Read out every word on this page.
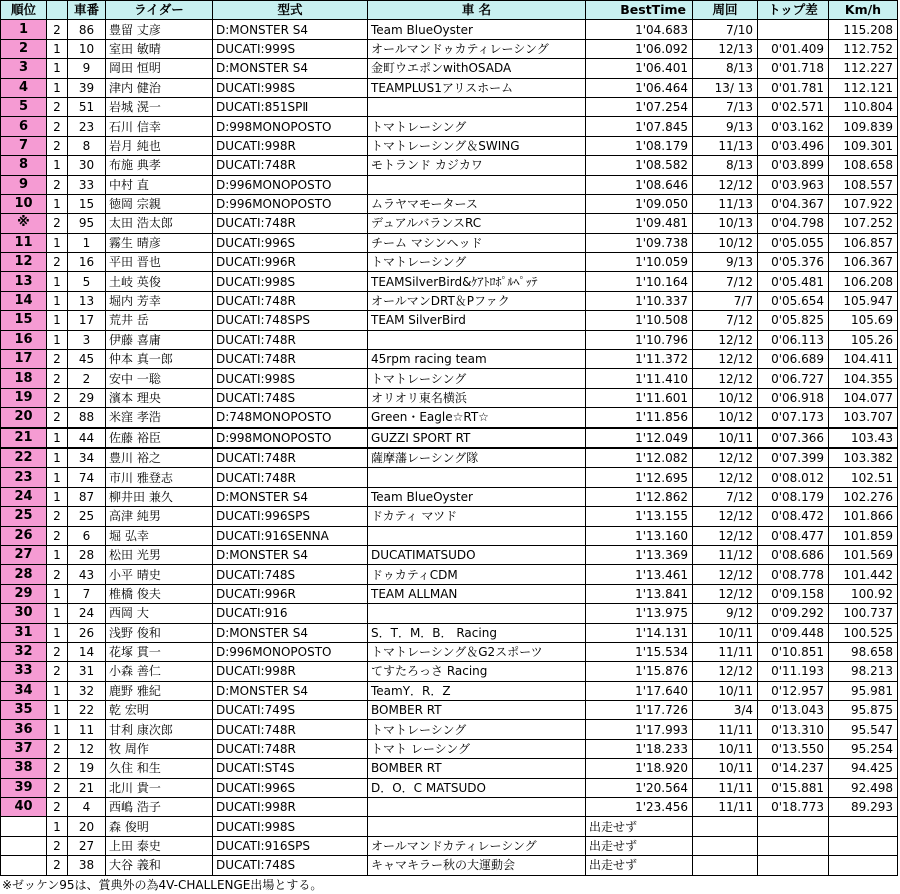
順位		車番	ライダー	型式	車 名	BestTime	周回	トップ差	Km/h
1	2	86	豊留 丈彦	D:MONSTER S4	Team BlueOyster	1'04.683	7/10		115.208
2	1	10	室田 敏晴	DUCATI:999S	オールマンドゥカティレーシング	1'06.092	12/13	0'01.409	112.752
3	1	9	岡田 恒明	D:MONSTER S4	金町ウエポンwithOSADA	1'06.401	8/13	0'01.718	112.227
4	1	39	津内 健治	DUCATI:998S	TEAMPLUS1アリスホーム	1'06.464	13/ 13	0'01.781	112.121
5	2	51	岩城 滉一	DUCATI:851SPⅡ		1'07.254	7/13	0'02.571	110.804
6	2	23	石川 信幸	D:998MONOPOSTO	トマトレーシング	1'07.845	9/13	0'03.162	109.839
7	2	8	岩月 純也	DUCATI:998R	トマトレーシング＆SWING	1'08.179	11/13	0'03.496	109.301
8	1	30	布施 典孝	DUCATI:748R	モトランド カジカワ	1'08.582	8/13	0'03.899	108.658
9	2	33	中村 直	D:996MONOPOSTO		1'08.646	12/12	0'03.963	108.557
10	1	15	徳岡 宗親	D:996MONOPOSTO	ムラヤマモータース	1'09.050	11/13	0'04.367	107.922
※	2	95	太田 浩太郎	DUCATI:748R	デュアルバランスRC	1'09.481	10/13	0'04.798	107.252
11	1	1	霧生 晴彦	DUCATI:996S	チーム マシンヘッド	1'09.738	10/12	0'05.055	106.857
12	2	16	平田 晋也	DUCATI:996R	トマトレーシング	1'10.059	9/13	0'05.376	106.367
13	1	5	土岐 英俊	DUCATI:998S	TEAMSilverBird&ｹｱﾄﾛﾎﾟﾙﾍﾟｯﾃ	1'10.164	7/12	0'05.481	106.208
14	1	13	堀内 芳幸	DUCATI:748R	オールマンDRT＆Pファク	1'10.337	7/7	0'05.654	105.947
15	1	17	荒井 岳	DUCATI:748SPS	TEAM SilverBird	1'10.508	7/12	0'05.825	105.69
16	1	3	伊藤 喜庸	DUCATI:748R		1'10.796	12/12	0'06.113	105.26
17	2	45	仲本 真一郎	DUCATI:748R	45rpm racing team	1'11.372	12/12	0'06.689	104.411
18	2	2	安中 一聡	DUCATI:998S	トマトレーシング	1'11.410	12/12	0'06.727	104.355
19	2	29	濱本 理央	DUCATI:748S	オリオリ東名横浜	1'11.601	10/12	0'06.918	104.077
20	2	88	米窪 孝浩	D:748MONOPOSTO	Green・Eagle☆RT☆	1'11.856	10/12	0'07.173	103.707
21	1	44	佐藤 裕臣	D:998MONOPOSTO	GUZZI SPORT RT	1'12.049	10/11	0'07.366	103.43
22	1	34	豊川 裕之	DUCATI:748R	薩摩藩レーシング隊	1'12.082	12/12	0'07.399	103.382
23	1	74	市川 雅登志	DUCATI:748R		1'12.695	12/12	0'08.012	102.51
24	1	87	柳井田 兼久	D:MONSTER S4	Team BlueOyster	1'12.862	7/12	0'08.179	102.276
25	2	25	高津 純男	DUCATI:996SPS	ドカティ マツド	1'13.155	12/12	0'08.472	101.866
26	2	6	堀 弘幸	DUCATI:916SENNA		1'13.160	12/12	0'08.477	101.859
27	1	28	松田 光男	D:MONSTER S4	DUCATIMATSUDO	1'13.369	11/12	0'08.686	101.569
28	2	43	小平 晴史	DUCATI:748S	ドゥカティCDM	1'13.461	12/12	0'08.778	101.442
29	1	7	椎橋 俊夫	DUCATI:996R	TEAM ALLMAN	1'13.841	12/12	0'09.158	100.92
30	1	24	西岡 大	DUCATI:916		1'13.975	9/12	0'09.292	100.737
31	1	26	浅野 俊和	D:MONSTER S4	S．T．M．B． Racing	1'14.131	10/11	0'09.448	100.525
32	2	14	花塚 貫一	D:996MONOPOSTO	トマトレーシング＆G2スポーツ	1'15.534	11/11	0'10.851	98.658
33	2	31	小森 善仁	DUCATI:998R	てすたろっさ Racing	1'15.876	12/12	0'11.193	98.213
34	1	32	鹿野 雅紀	D:MONSTER S4	TeamY．R．Z	1'17.640	10/11	0'12.957	95.981
35	1	22	乾 宏明	DUCATI:749S	BOMBER RT	1'17.726	3/4	0'13.043	95.875
36	1	11	甘利 康次郎	DUCATI:748R	トマトレーシング	1'17.993	11/11	0'13.310	95.547
37	2	12	牧 周作	DUCATI:748R	トマト レーシング	1'18.233	10/11	0'13.550	95.254
38	2	19	久住 和生	DUCATI:ST4S	BOMBER RT	1'18.920	10/11	0'14.237	94.425
39	2	21	北川 貴一	DUCATI:996S	D．O．C MATSUDO	1'20.564	11/11	0'15.881	92.498
40	2	4	西嶋 浩子	DUCATI:998R		1'23.456	11/11	0'18.773	89.293
	1	20	森 俊明	DUCATI:998S		出走せず			
	2	27	上田 泰史	DUCATI:916SPS	オールマンドカティレーシング	出走せず			
	2	38	大谷 義和	DUCATI:748S	キャマキラー秋の大運動会	出走せず			
※ゼッケン95は、賞典外の為4V-CHALLENGE出場とする。
